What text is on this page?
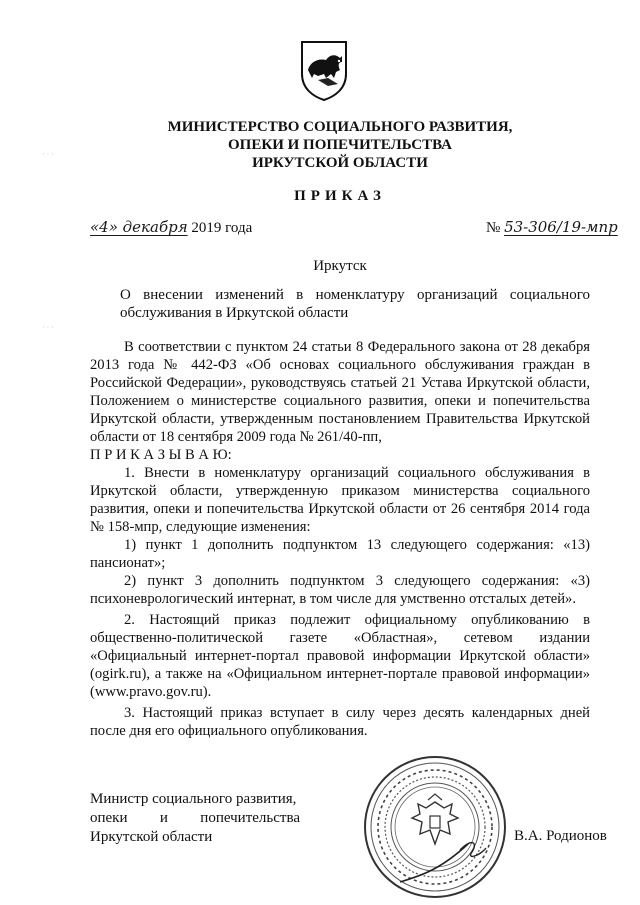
· · ·
· · ·
МИНИСТЕРСТВО СОЦИАЛЬНОГО РАЗВИТИЯ,
ОПЕКИ И ПОПЕЧИТЕЛЬСТВА
ИРКУТСКОЙ ОБЛАСТИ
ПРИКАЗ
«4» декабря 2019 года	№ 53-306/19-мпр
Иркутск
О внесении изменений в номенклатуру организаций социального обслуживания в Иркутской области

В соответствии с пунктом 24 статьи 8 Федерального закона от 28 декабря 2013 года № 442-ФЗ «Об основах социального обслуживания граждан в Российской Федерации», руководствуясь статьей 21 Устава Иркутской области, Положением о министерстве социального развития, опеки и попечительства Иркутской области, утвержденным постановлением Правительства Иркутской области от 18 сентября 2009 года № 261/40-пп,

П Р И К А З Ы В А Ю:

1. Внести в номенклатуру организаций социального обслуживания в Иркутской области, утвержденную приказом министерства социального развития, опеки и попечительства Иркутской области от 26 сентября 2014 года № 158-мпр, следующие изменения:

1) пункт 1 дополнить подпунктом 13 следующего содержания: «13) пансионат»;

2) пункт 3 дополнить подпунктом 3 следующего содержания: «3) психоневрологический интернат, в том числе для умственно отсталых детей».

2. Настоящий приказ подлежит официальному опубликованию в общественно-политической газете «Областная», сетевом издании «Официальный интернет-портал правовой информации Иркутской области» (ogirk.ru), а также на «Официальном интернет-портале правовой информации» (www.pravo.gov.ru).

3. Настоящий приказ вступает в силу через десять календарных дней после дня его официального опубликования.

Министр социального развития,
опеки и попечительства
Иркутской области	В.А. Родионов
